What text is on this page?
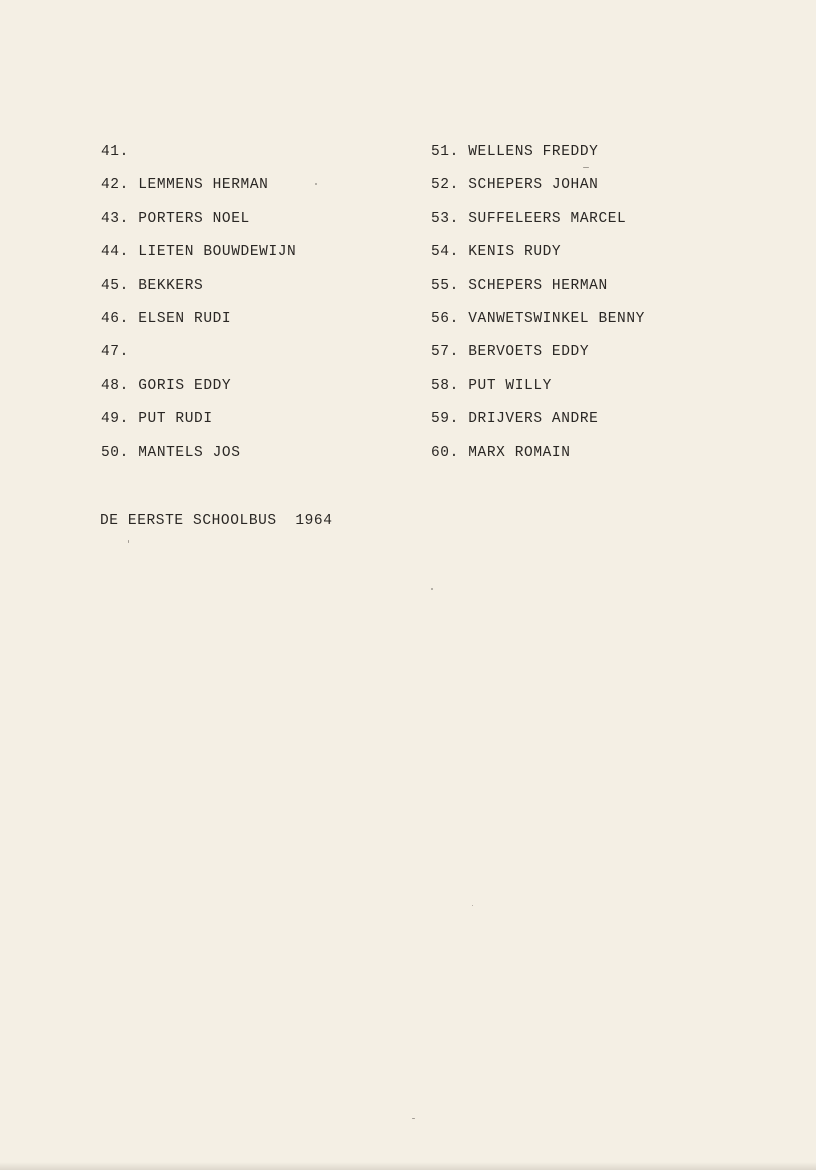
41.
42. LEMMENS HERMAN
43. PORTERS NOEL
44. LIETEN BOUWDEWIJN
45. BEKKERS
46. ELSEN RUDI
47.
48. GORIS EDDY
49. PUT RUDI
50. MANTELS JOS
51. WELLENS FREDDY
52. SCHEPERS JOHAN
53. SUFFELEERS MARCEL
54. KENIS RUDY
55. SCHEPERS HERMAN
56. VANWETSWINKEL BENNY
57. BERVOETS EDDY
58. PUT WILLY
59. DRIJVERS ANDRE
60. MARX ROMAIN
DE EERSTE SCHOOLBUS  1964
